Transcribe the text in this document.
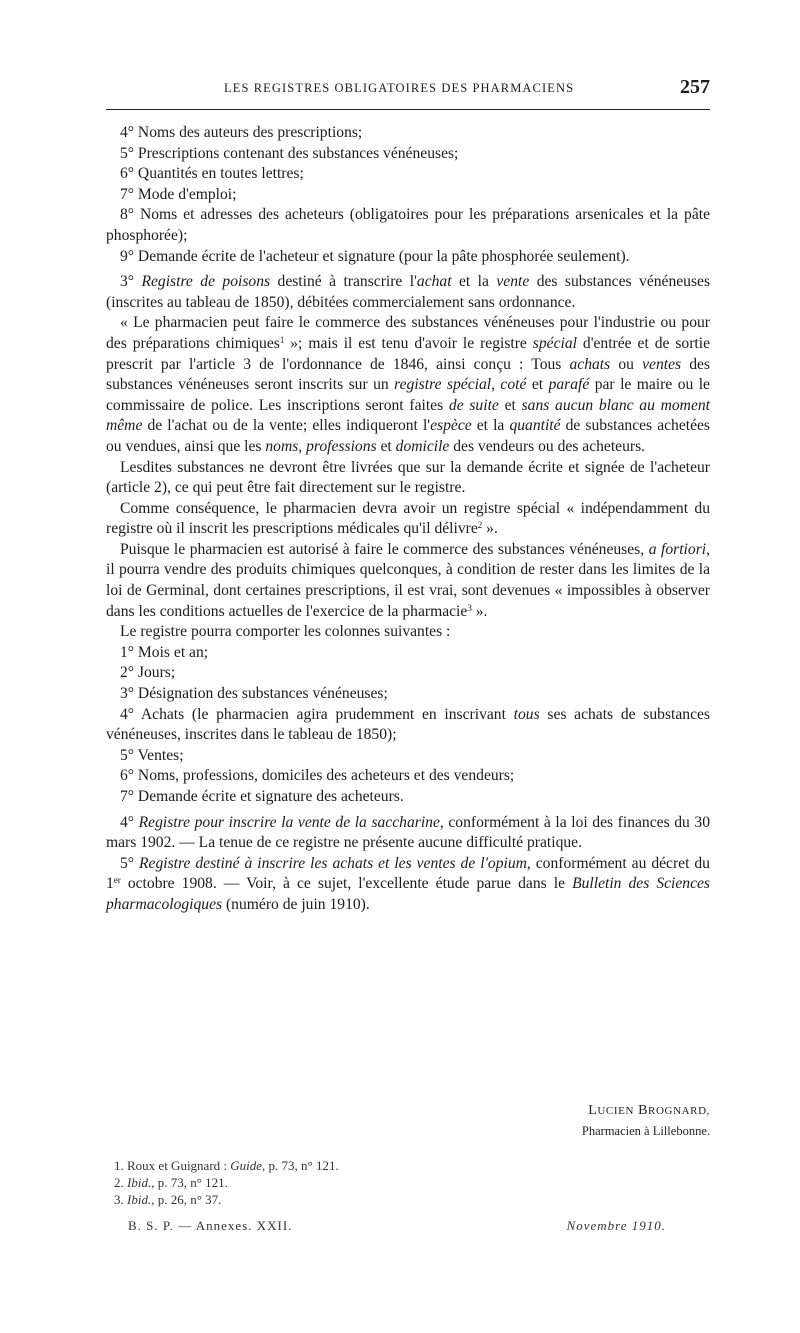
LES REGISTRES OBLIGATOIRES DES PHARMACIENS	257

4° Noms des auteurs des prescriptions;

5° Prescriptions contenant des substances vénéneuses;

6° Quantités en toutes lettres;

7° Mode d'emploi;

8° Noms et adresses des acheteurs (obligatoires pour les préparations arsenicales et la pâte phosphorée);

9° Demande écrite de l'acheteur et signature (pour la pâte phosphorée seulement).

3° Registre de poisons destiné à transcrire l'achat et la vente des substances vénéneuses (inscrites au tableau de 1850), débitées commercialement sans ordonnance.

« Le pharmacien peut faire le commerce des substances vénéneuses pour l'industrie ou pour des préparations chimiques$^1$ »; mais il est tenu d'avoir le registre spécial d'entrée et de sortie prescrit par l'article 3 de l'ordonnance de 1846, ainsi conçu : Tous achats ou ventes des substances vénéneuses seront inscrits sur un registre spécial, coté et parafé par le maire ou le commissaire de police. Les inscriptions seront faites de suite et sans aucun blanc au moment même de l'achat ou de la vente; elles indiqueront l'espèce et la quantité de substances achetées ou vendues, ainsi que les noms, professions et domicile des vendeurs ou des acheteurs.

Lesdites substances ne devront être livrées que sur la demande écrite et signée de l'acheteur (article 2), ce qui peut être fait directement sur le registre.

Comme conséquence, le pharmacien devra avoir un registre spécial « indépendamment du registre où il inscrit les prescriptions médicales qu'il délivre$^2$ ».

Puisque le pharmacien est autorisé à faire le commerce des substances vénéneuses, a fortiori, il pourra vendre des produits chimiques quelconques, à condition de rester dans les limites de la loi de Germinal, dont certaines prescriptions, il est vrai, sont devenues « impossibles à observer dans les conditions actuelles de l'exercice de la pharmacie$^3$ ».

Le registre pourra comporter les colonnes suivantes :

1° Mois et an;

2° Jours;

3° Désignation des substances vénéneuses;

4° Achats (le pharmacien agira prudemment en inscrivant tous ses achats de substances vénéneuses, inscrites dans le tableau de 1850);

5° Ventes;

6° Noms, professions, domiciles des acheteurs et des vendeurs;

7° Demande écrite et signature des acheteurs.

4° Registre pour inscrire la vente de la saccharine, conformément à la loi des finances du 30 mars 1902. — La tenue de ce registre ne présente aucune difficulté pratique.

5° Registre destiné à inscrire les achats et les ventes de l'opium, conformément au décret du 1er octobre 1908. — Voir, à ce sujet, l'excellente étude parue dans le Bulletin des Sciences pharmacologiques (numéro de juin 1910).

LUCIEN BROGNARD,
Pharmacien à Lillebonne.
1. Roux et Guignard : Guide, p. 73, n° 121.
2. Ibid., p. 73, n° 121.
3. Ibid., p. 26, n° 37.
B. S. P. — Annexes. XXII.	Novembre 1910.
